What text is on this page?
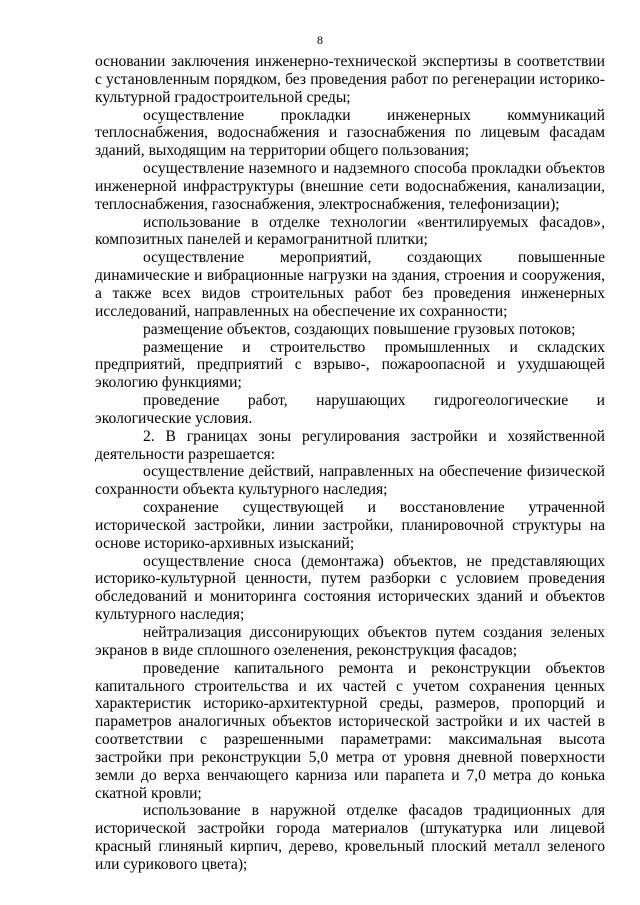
8

основании заключения инженерно-технической экспертизы в соответствии с установленным порядком, без проведения работ по регенерации историко-культурной градостроительной среды;

осуществление прокладки инженерных коммуникаций теплоснабжения, водоснабжения и газоснабжения по лицевым фасадам зданий, выходящим на территории общего пользования;

осуществление наземного и надземного способа прокладки объектов инженерной инфраструктуры (внешние сети водоснабжения, канализации, теплоснабжения, газоснабжения, электроснабжения, телефонизации);

использование в отделке технологии «вентилируемых фасадов», композитных панелей и керамогранитной плитки;

осуществление мероприятий, создающих повышенные динамические и вибрационные нагрузки на здания, строения и сооружения, а также всех видов строительных работ без проведения инженерных исследований, направленных на обеспечение их сохранности;

размещение объектов, создающих повышение грузовых потоков;

размещение и строительство промышленных и складских предприятий, предприятий с взрыво-, пожароопасной и ухудшающей экологию функциями;

проведение работ, нарушающих гидрогеологические и экологические условия.

2. В границах зоны регулирования застройки и хозяйственной деятельности разрешается:

осуществление действий, направленных на обеспечение физической сохранности объекта культурного наследия;

сохранение существующей и восстановление утраченной исторической застройки, линии застройки, планировочной структуры на основе историко-архивных изысканий;

осуществление сноса (демонтажа) объектов, не представляющих историко-культурной ценности, путем разборки с условием проведения обследований и мониторинга состояния исторических зданий и объектов культурного наследия;

нейтрализация диссонирующих объектов путем создания зеленых экранов в виде сплошного озеленения, реконструкция фасадов;

проведение капитального ремонта и реконструкции объектов капитального строительства и их частей с учетом сохранения ценных характеристик историко-архитектурной среды, размеров, пропорций и параметров аналогичных объектов исторической застройки и их частей в соответствии с разрешенными параметрами: максимальная высота застройки при реконструкции 5,0 метра от уровня дневной поверхности земли до верха венчающего карниза или парапета и 7,0 метра до конька скатной кровли;

использование в наружной отделке фасадов традиционных для исторической застройки города материалов (штукатурка или лицевой красный глиняный кирпич, дерево, кровельный плоский металл зеленого или сурикового цвета);
